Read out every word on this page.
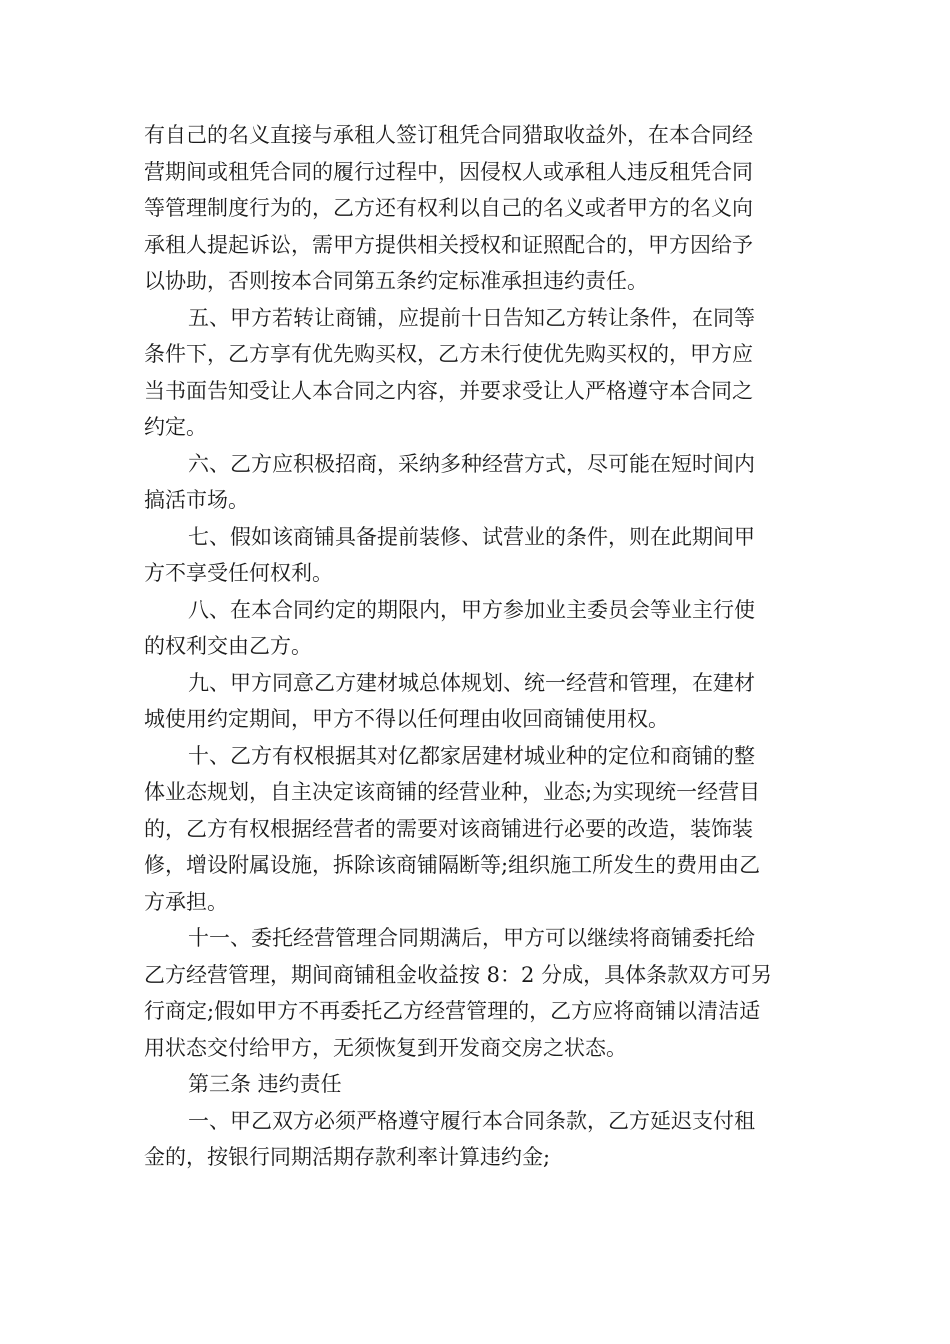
有自己的名义直接与承租人签订租凭合同猎取收益外，在本合同经
营期间或租凭合同的履行过程中，因侵权人或承租人违反租凭合同
等管理制度行为的，乙方还有权利以自己的名义或者甲方的名义向
承租人提起诉讼，需甲方提供相关授权和证照配合的，甲方因给予
以协助，否则按本合同第五条约定标准承担违约责任。
五、甲方若转让商铺，应提前十日告知乙方转让条件，在同等
条件下，乙方享有优先购买权，乙方未行使优先购买权的，甲方应
当书面告知受让人本合同之内容，并要求受让人严格遵守本合同之
约定。
六、乙方应积极招商，采纳多种经营方式，尽可能在短时间内
搞活市场。
七、假如该商铺具备提前装修、试营业的条件，则在此期间甲
方不享受任何权利。
八、在本合同约定的期限内，甲方参加业主委员会等业主行使
的权利交由乙方。
九、甲方同意乙方建材城总体规划、统一经营和管理，在建材
城使用约定期间，甲方不得以任何理由收回商铺使用权。
十、乙方有权根据其对亿都家居建材城业种的定位和商铺的整
体业态规划，自主决定该商铺的经营业种，业态;为实现统一经营目
的，乙方有权根据经营者的需要对该商铺进行必要的改造，装饰装
修，增设附属设施，拆除该商铺隔断等;组织施工所发生的费用由乙
方承担。
十一、委托经营管理合同期满后，甲方可以继续将商铺委托给
乙方经营管理，期间商铺租金收益按 8：2 分成，具体条款双方可另
行商定;假如甲方不再委托乙方经营管理的，乙方应将商铺以清洁适
用状态交付给甲方，无须恢复到开发商交房之状态。
第三条 违约责任
一、甲乙双方必须严格遵守履行本合同条款，乙方延迟支付租
金的，按银行同期活期存款利率计算违约金;
